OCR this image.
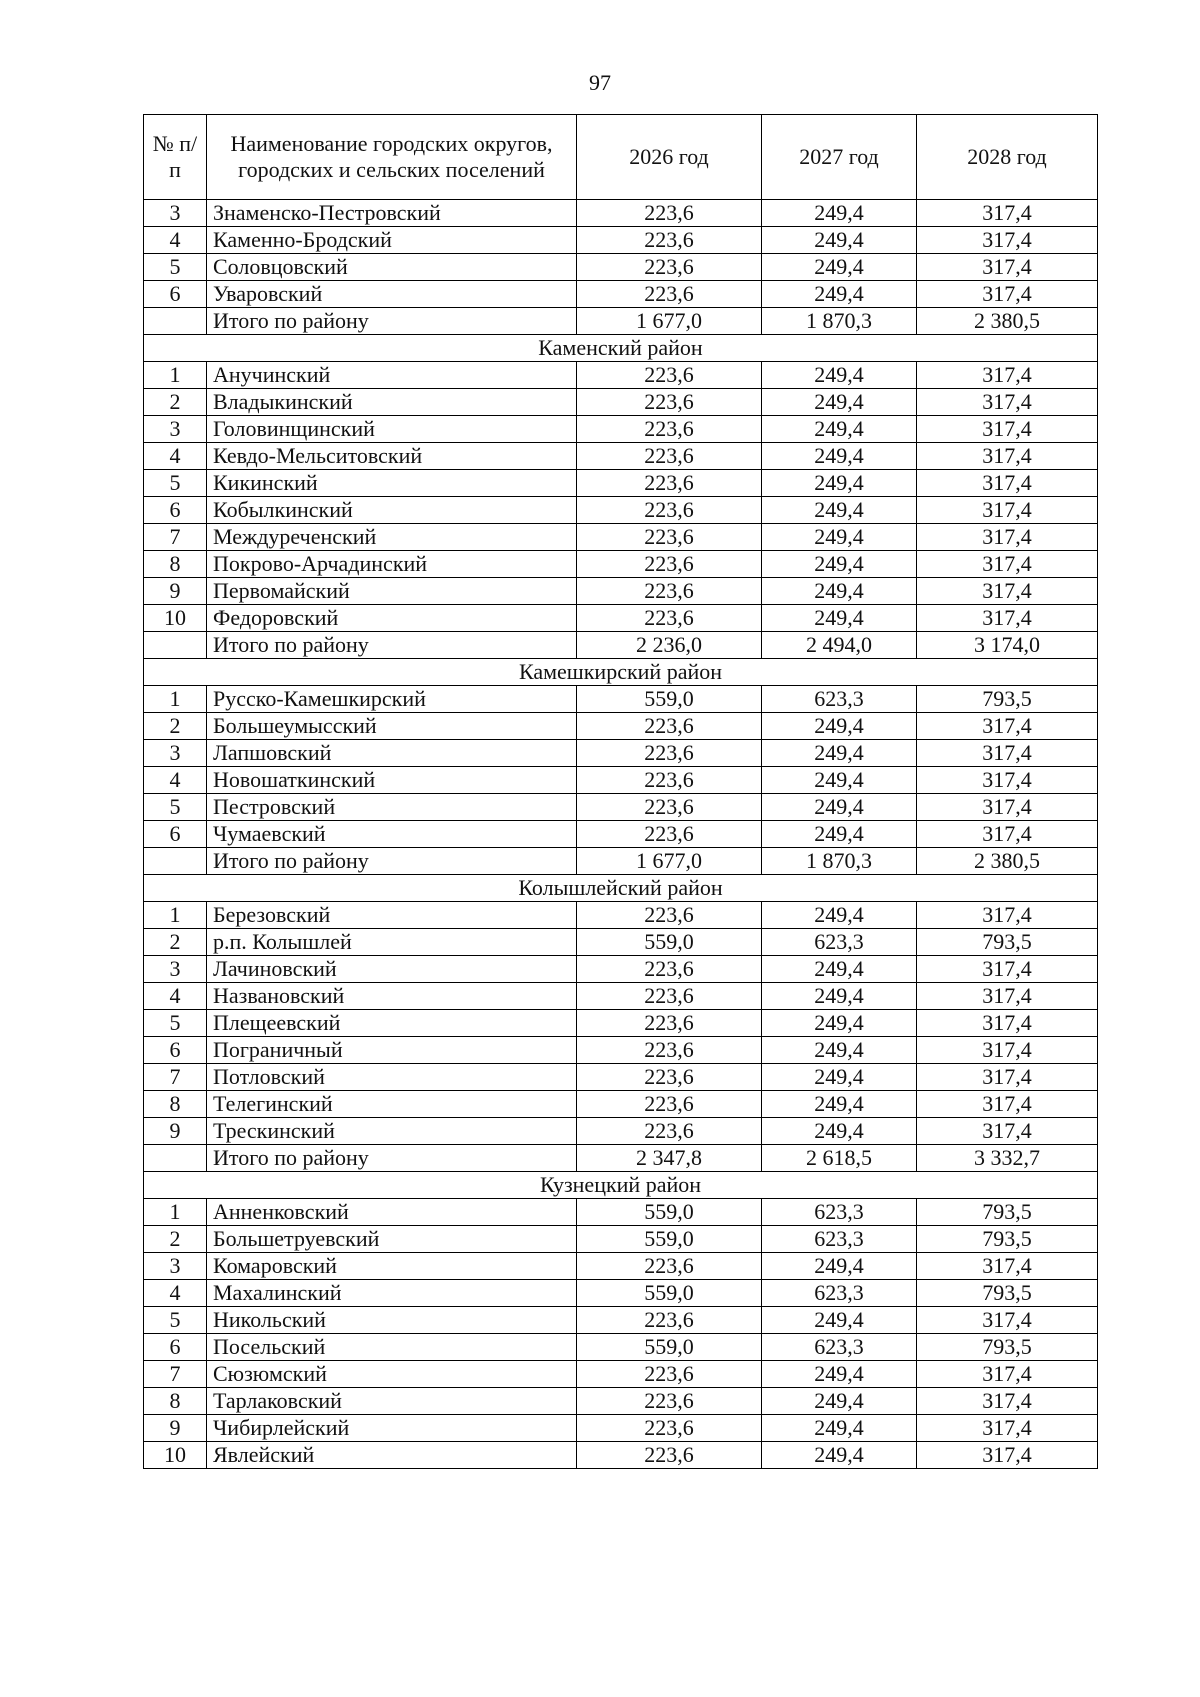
97
№ п/п	Наименование городских округов, городских и сельских поселений	2026 год	2027 год	2028 год
3	Знаменско-Пестровский	223,6	249,4	317,4
4	Каменно-Бродский	223,6	249,4	317,4
5	Соловцовский	223,6	249,4	317,4
6	Уваровский	223,6	249,4	317,4
	Итого по району	1 677,0	1 870,3	2 380,5
Каменский район				
1	Анучинский	223,6	249,4	317,4
2	Владыкинский	223,6	249,4	317,4
3	Головинщинский	223,6	249,4	317,4
4	Кевдо-Мельситовский	223,6	249,4	317,4
5	Кикинский	223,6	249,4	317,4
6	Кобылкинский	223,6	249,4	317,4
7	Междуреченский	223,6	249,4	317,4
8	Покрово-Арчадинский	223,6	249,4	317,4
9	Первомайский	223,6	249,4	317,4
10	Федоровский	223,6	249,4	317,4
	Итого по району	2 236,0	2 494,0	3 174,0
Камешкирский район				
1	Русско-Камешкирский	559,0	623,3	793,5
2	Большеумысский	223,6	249,4	317,4
3	Лапшовский	223,6	249,4	317,4
4	Новошаткинский	223,6	249,4	317,4
5	Пестровский	223,6	249,4	317,4
6	Чумаевский	223,6	249,4	317,4
	Итого по району	1 677,0	1 870,3	2 380,5
Колышлейский район				
1	Березовский	223,6	249,4	317,4
2	р.п. Колышлей	559,0	623,3	793,5
3	Лачиновский	223,6	249,4	317,4
4	Названовский	223,6	249,4	317,4
5	Плещеевский	223,6	249,4	317,4
6	Пограничный	223,6	249,4	317,4
7	Потловский	223,6	249,4	317,4
8	Телегинский	223,6	249,4	317,4
9	Трескинский	223,6	249,4	317,4
	Итого по району	2 347,8	2 618,5	3 332,7
Кузнецкий район				
1	Анненковский	559,0	623,3	793,5
2	Большетруевский	559,0	623,3	793,5
3	Комаровский	223,6	249,4	317,4
4	Махалинский	559,0	623,3	793,5
5	Никольский	223,6	249,4	317,4
6	Посельский	559,0	623,3	793,5
7	Сюзюмский	223,6	249,4	317,4
8	Тарлаковский	223,6	249,4	317,4
9	Чибирлейский	223,6	249,4	317,4
10	Явлейский	223,6	249,4	317,4
